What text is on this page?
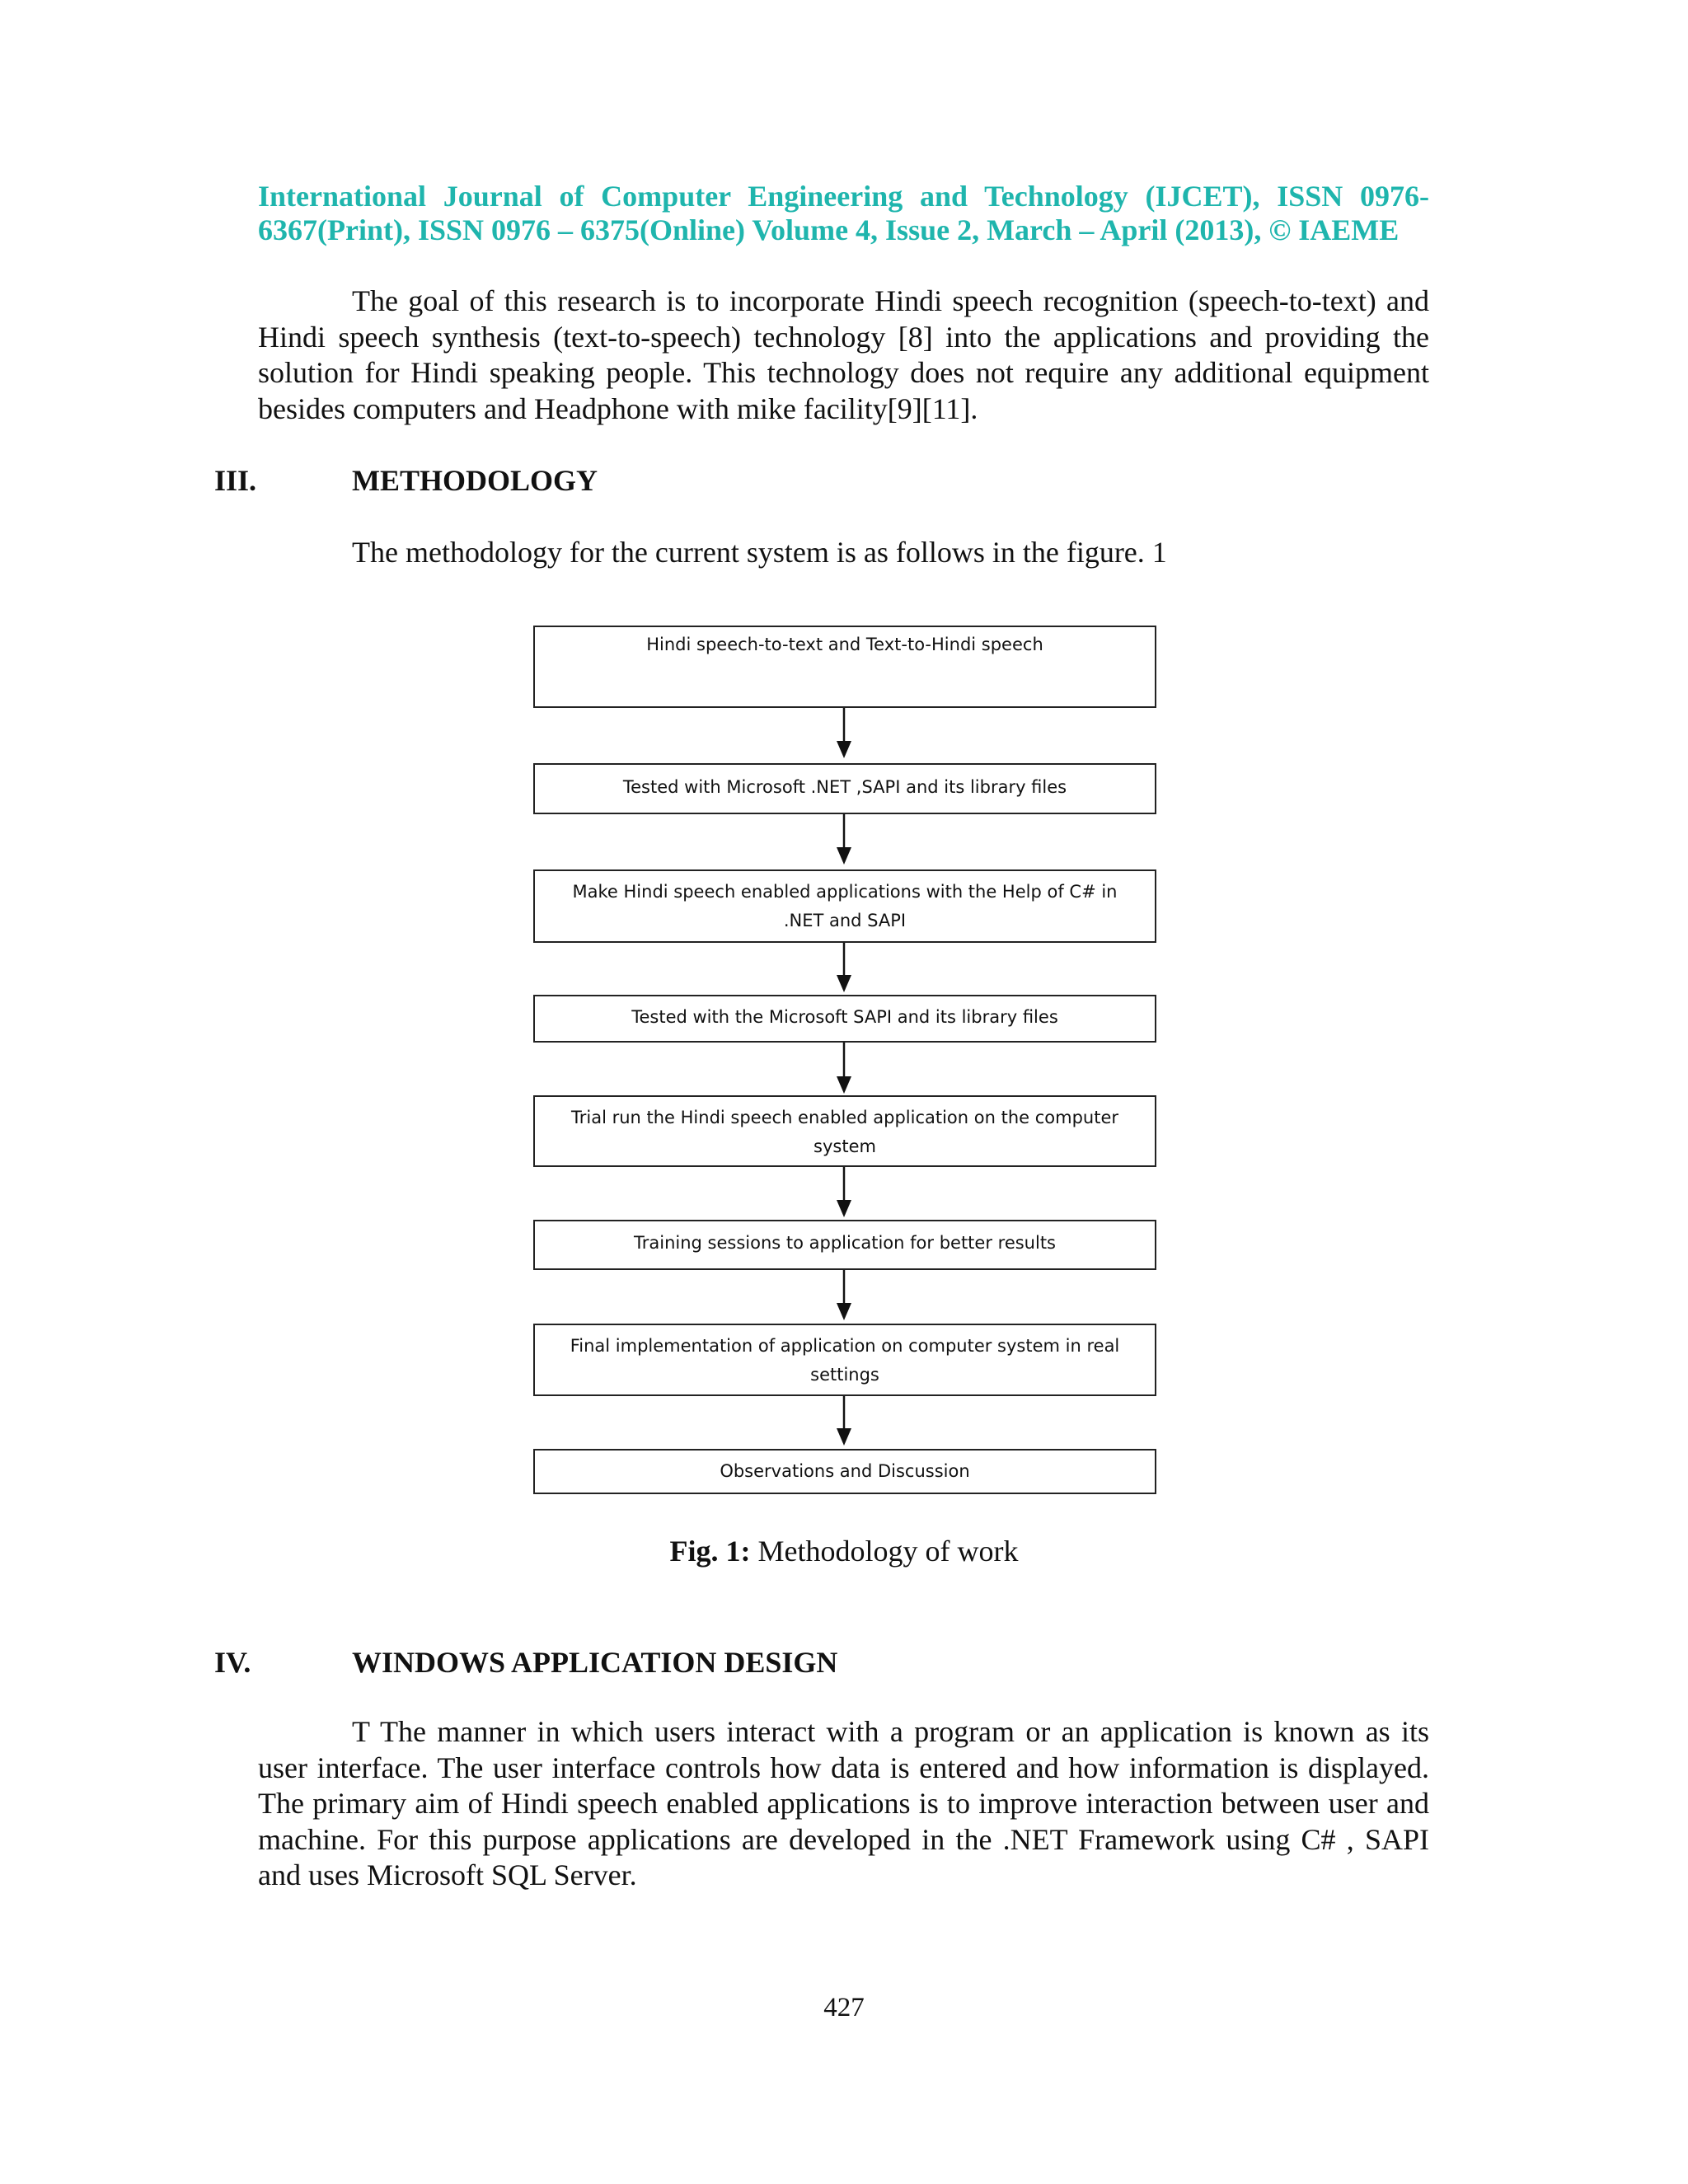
International Journal of Computer Engineering and Technology (IJCET), ISSN 0976-6367(Print), ISSN 0976 – 6375(Online) Volume 4, Issue 2, March – April (2013), © IAEME

The goal of this research is to incorporate Hindi speech recognition (speech-to-text) and Hindi speech synthesis (text-to-speech) technology [8] into the applications and providing the solution for Hindi speaking people. This technology does not require any additional equipment besides computers and Headphone with mike facility[9][11].

III.	METHODOLOGY
The methodology for the current system is as follows in the figure. 1
Hindi speech-to-text and Text-to-Hindi speech
Tested with Microsoft .NET ,SAPI and its library files
Make Hindi speech enabled applications with the Help of C# in .NET and SAPI
Tested with the Microsoft SAPI and its library files
Trial run the Hindi speech enabled application on the computer system
Training sessions to application for better results
Final implementation of application on computer system in real settings
Observations and Discussion
Fig. 1: Methodology of work
IV.	WINDOWS APPLICATION DESIGN

T The manner in which users interact with a program or an application is known as its user interface. The user interface controls how data is entered and how information is displayed. The primary aim of Hindi speech enabled applications is to improve interaction between user and machine. For this purpose applications are developed in the .NET Framework using C# , SAPI and uses Microsoft SQL Server.

427
